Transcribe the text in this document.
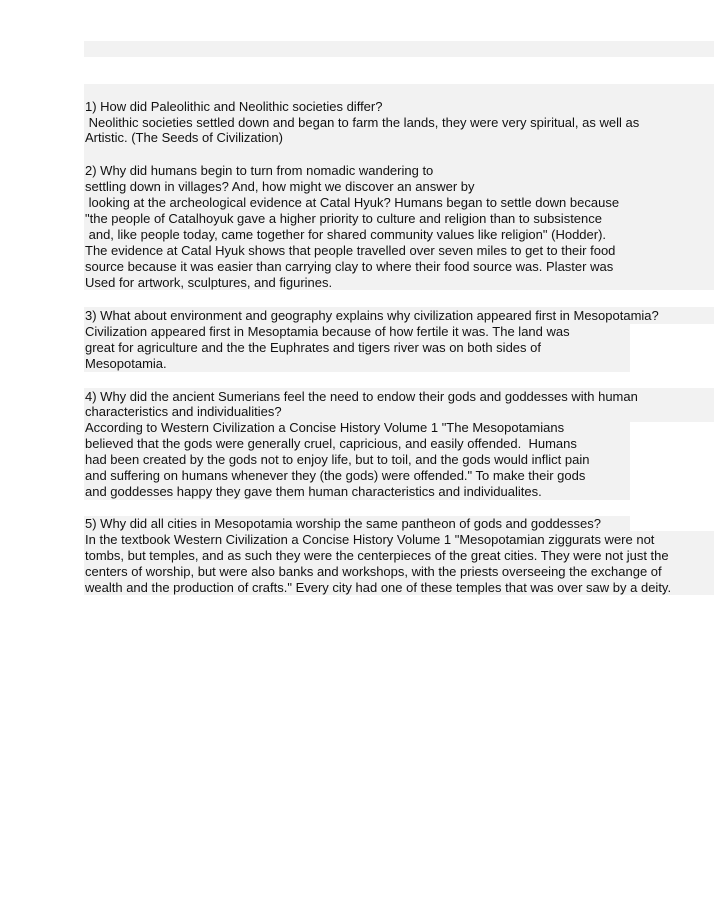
1) How did Paleolithic and Neolithic societies differ?
Neolithic societies settled down and began to farm the lands, they were very spiritual, as well as
Artistic. (The Seeds of Civilization)
2) Why did humans begin to turn from nomadic wandering to
settling down in villages? And, how might we discover an answer by
looking at the archeological evidence at Catal Hyuk? Humans began to settle down because
"the people of Catalhoyuk gave a higher priority to culture and religion than to subsistence
and, like people today, came together for shared community values like religion" (Hodder).
The evidence at Catal Hyuk shows that people travelled over seven miles to get to their food
source because it was easier than carrying clay to where their food source was. Plaster was
Used for artwork, sculptures, and figurines.
3) What about environment and geography explains why civilization appeared first in Mesopotamia?
Civilization appeared first in Mesoptamia because of how fertile it was. The land was
great for agriculture and the the Euphrates and tigers river was on both sides of
Mesopotamia.
4) Why did the ancient Sumerians feel the need to endow their gods and goddesses with human
characteristics and individualities?
According to Western Civilization a Concise History Volume 1 "The Mesopotamians
believed that the gods were generally cruel, capricious, and easily offended.  Humans
had been created by the gods not to enjoy life, but to toil, and the gods would inflict pain
and suffering on humans whenever they (the gods) were offended." To make their gods
and goddesses happy they gave them human characteristics and individualites.
5) Why did all cities in Mesopotamia worship the same pantheon of gods and goddesses?
In the textbook Western Civilization a Concise History Volume 1 "Mesopotamian ziggurats were not
tombs, but temples, and as such they were the centerpieces of the great cities. They were not just the
centers of worship, but were also banks and workshops, with the priests overseeing the exchange of
wealth and the production of crafts." Every city had one of these temples that was over saw by a deity.
